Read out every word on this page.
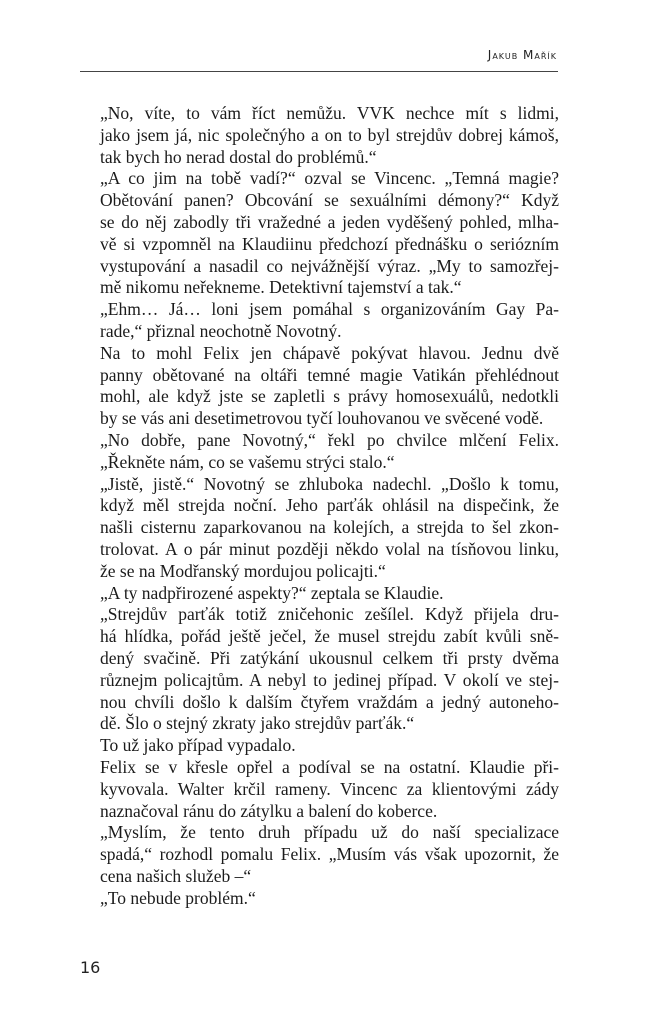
Jakub Mařík

„No, víte, to vám říct nemůžu. VVK nechce mít s lidmi,
jako jsem já, nic společnýho a on to byl strejdův dobrej kámoš,
tak bych ho nerad dostal do problémů.“

„A co jim na tobě vadí?“ ozval se Vincenc. „Temná magie?
Obětování panen? Obcování se sexuálními démony?“ Když
se do něj zabodly tři vražedné a jeden vyděšený pohled, mlha-
vě si vzpomněl na Klaudiinu předchozí přednášku o seriózním
vystupování a nasadil co nejvážnější výraz. „My to samozřej-
mě nikomu neřekneme. Detektivní tajemství a tak.“

„Ehm… Já… loni jsem pomáhal s organizováním Gay Pa-
rade,“ přiznal neochotně Novotný.

Na to mohl Felix jen chápavě pokývat hlavou. Jednu dvě
panny obětované na oltáři temné magie Vatikán přehlédnout
mohl, ale když jste se zapletli s právy homosexuálů, nedotkli
by se vás ani desetimetrovou tyčí louhovanou ve svěcené vodě.

„No dobře, pane Novotný,“ řekl po chvilce mlčení Felix.
„Řekněte nám, co se vašemu strýci stalo.“

„Jistě, jistě.“ Novotný se zhluboka nadechl. „Došlo k tomu,
když měl strejda noční. Jeho parťák ohlásil na dispečink, že
našli cisternu zaparkovanou na kolejích, a strejda to šel zkon-
trolovat. A o pár minut později někdo volal na tísňovou linku,
že se na Modřanský mordujou policajti.“

„A ty nadpřirozené aspekty?“ zeptala se Klaudie.

„Strejdův parťák totiž zničehonic zešílel. Když přijela dru-
há hlídka, pořád ještě ječel, že musel strejdu zabít kvůli sně-
dený svačině. Při zatýkání ukousnul celkem tři prsty dvěma
různejm policajtům. A nebyl to jedinej případ. V okolí ve stej-
nou chvíli došlo k dalším čtyřem vraždám a jedný autoneho-
dě. Šlo o stejný zkraty jako strejdův parťák.“

To už jako případ vypadalo.

Felix se v křesle opřel a podíval se na ostatní. Klaudie při-
kyvovala. Walter krčil rameny. Vincenc za klientovými zády
naznačoval ránu do zátylku a balení do koberce.

„Myslím, že tento druh případu už do naší specializace
spadá,“ rozhodl pomalu Felix. „Musím vás však upozornit, že
cena našich služeb –“

„To nebude problém.“

16
